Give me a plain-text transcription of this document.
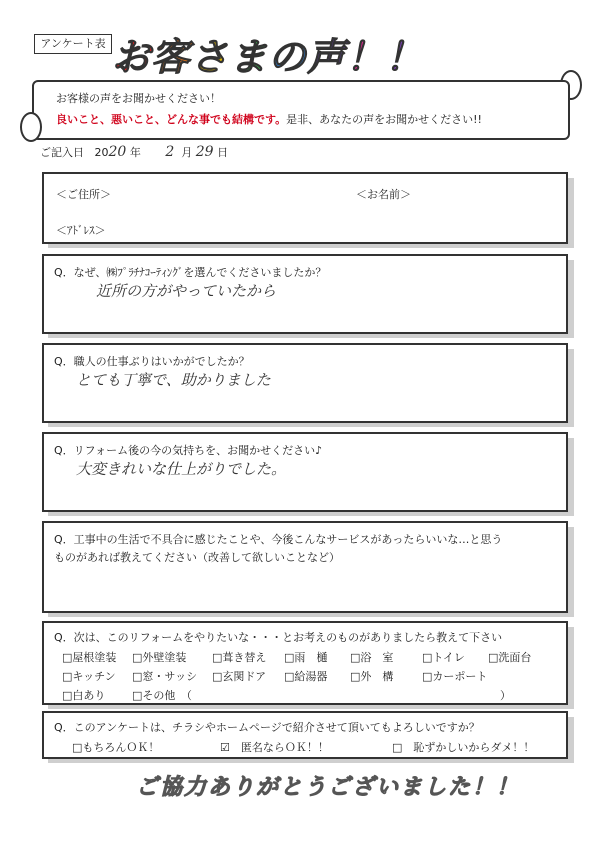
アンケート表 お客さまの声！！
お客様の声をお聞かせください！
良いこと、悪いこと、どんな事でも結構です。是非、あなたの声をお聞かせください!!
ご記入日 2020 年 2 月 29 日
＜ご住所＞	＜お名前＞
＜ｱﾄﾞﾚｽ＞
Q．なぜ、㈱ﾌﾟﾗﾁﾅｺｰﾃｨﾝｸﾞを選んでくださいましたか？
近所の方がやっていたから
Q．職人の仕事ぶりはいかがでしたか？
とても丁寧で、助かりました
Q．リフォーム後の今の気持ちを、お聞かせください♪
大変きれいな仕上がりでした。
Q．工事中の生活で不具合に感じたことや、今後こんなサービスがあったらいいな…と思う
ものがあれば教えてください（改善して欲しいことなど）
Q．次は、このリフォームをやりたいな・・・とお考えのものがありましたら教えて下さい
□屋根塗装 □外壁塗装 □葺き替え □雨　樋 □浴　室	□トイレ □洗面台
□キッチン □窓・サッシ □玄関ドア □給湯器 □外　構	□カーポート
□白あり □その他　（	）
Q．このアンケートは、チラシやホームページで紹介させて頂いてもよろしいですか？
□もちろんＯＫ！	☑　匿名ならＯＫ！！	□　恥ずかしいからダメ！！
ご協力ありがとうございました！！
